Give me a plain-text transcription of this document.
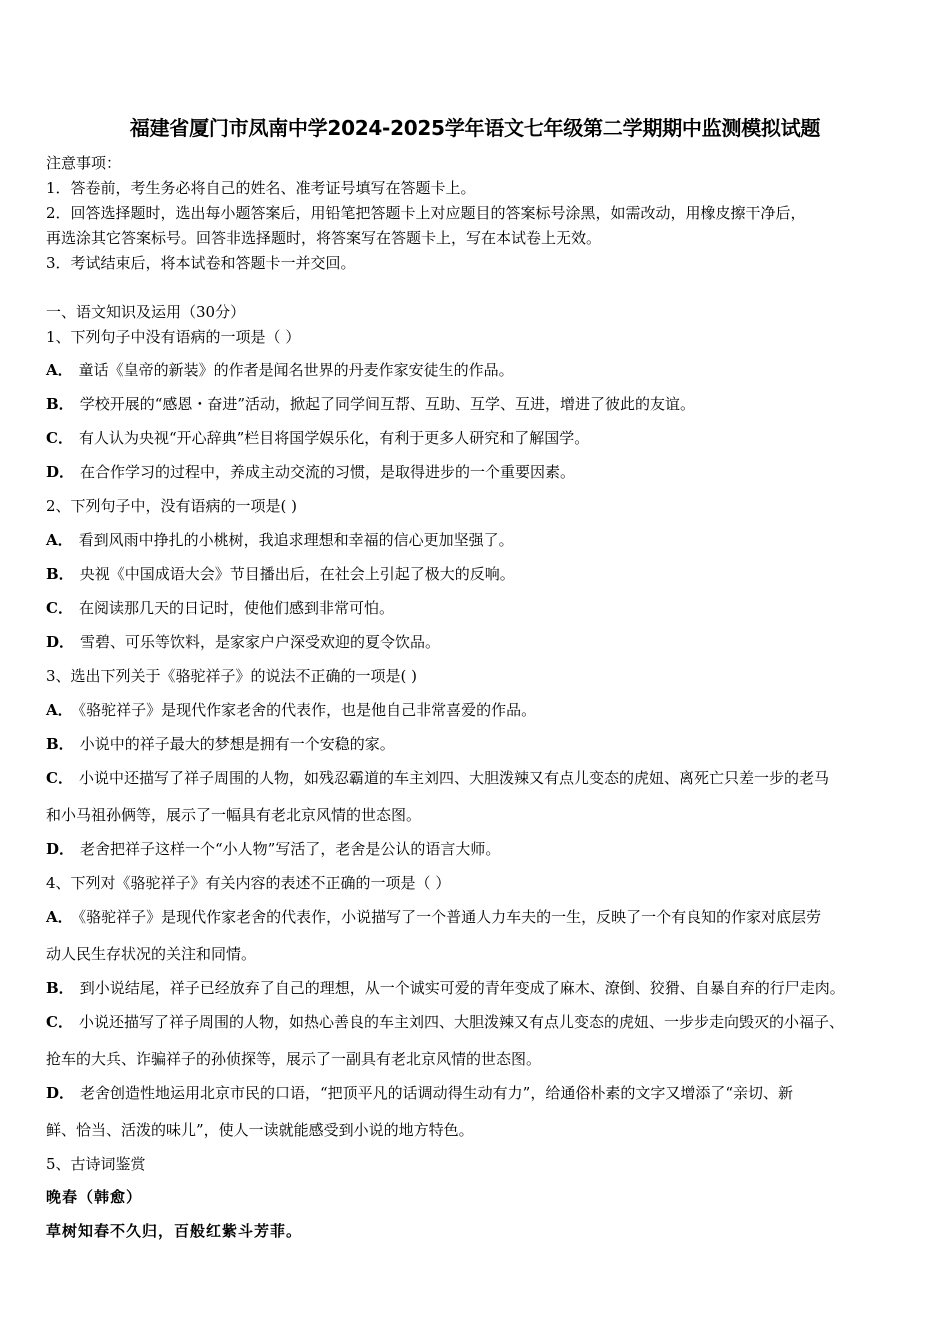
福建省厦门市凤南中学2024-2025学年语文七年级第二学期期中监测模拟试题
注意事项：
1．答卷前，考生务必将自己的姓名、准考证号填写在答题卡上。
2．回答选择题时，选出每小题答案后，用铅笔把答题卡上对应题目的答案标号涂黑，如需改动，用橡皮擦干净后，
再选涂其它答案标号。回答非选择题时，将答案写在答题卡上，写在本试卷上无效。
3．考试结束后，将本试卷和答题卡一并交回。
一、语文知识及运用（30分）
1、下列句子中没有语病的一项是（ ）
A． 童话《皇帝的新装》的作者是闻名世界的丹麦作家安徒生的作品。
B． 学校开展的“感恩・奋进”活动，掀起了同学间互帮、互助、互学、互进，增进了彼此的友谊。
C． 有人认为央视“开心辞典”栏目将国学娱乐化，有利于更多人研究和了解国学。
D． 在合作学习的过程中，养成主动交流的习惯，是取得进步的一个重要因素。
2、下列句子中，没有语病的一项是( )
A． 看到风雨中挣扎的小桃树，我追求理想和幸福的信心更加坚强了。
B． 央视《中国成语大会》节目播出后，在社会上引起了极大的反响。
C． 在阅读那几天的日记时，使他们感到非常可怕。
D． 雪碧、可乐等饮料，是家家户户深受欢迎的夏令饮品。
3、选出下列关于《骆驼祥子》的说法不正确的一项是( )
A． 《骆驼祥子》是现代作家老舍的代表作，也是他自己非常喜爱的作品。
B． 小说中的祥子最大的梦想是拥有一个安稳的家。
C． 小说中还描写了祥子周围的人物，如残忍霸道的车主刘四、大胆泼辣又有点儿变态的虎妞、离死亡只差一步的老马
和小马祖孙俩等，展示了一幅具有老北京风情的世态图。
D． 老舍把祥子这样一个“小人物”写活了，老舍是公认的语言大师。
4、下列对《骆驼祥子》有关内容的表述不正确的一项是（ ）
A． 《骆驼祥子》是现代作家老舍的代表作，小说描写了一个普通人力车夫的一生，反映了一个有良知的作家对底层劳
动人民生存状况的关注和同情。
B． 到小说结尾，祥子已经放弃了自己的理想，从一个诚实可爱的青年变成了麻木、潦倒、狡猾、自暴自弃的行尸走肉。
C． 小说还描写了祥子周围的人物，如热心善良的车主刘四、大胆泼辣又有点儿变态的虎妞、一步步走向毁灭的小福子、
抢车的大兵、诈骗祥子的孙侦探等，展示了一副具有老北京风情的世态图。
D． 老舍创造性地运用北京市民的口语，“把顶平凡的话调动得生动有力”，给通俗朴素的文字又增添了“亲切、新
鲜、恰当、活泼的味儿”，使人一读就能感受到小说的地方特色。
5、古诗词鉴赏
晚春（韩愈）
草树知春不久归，百般红紫斗芳菲。
